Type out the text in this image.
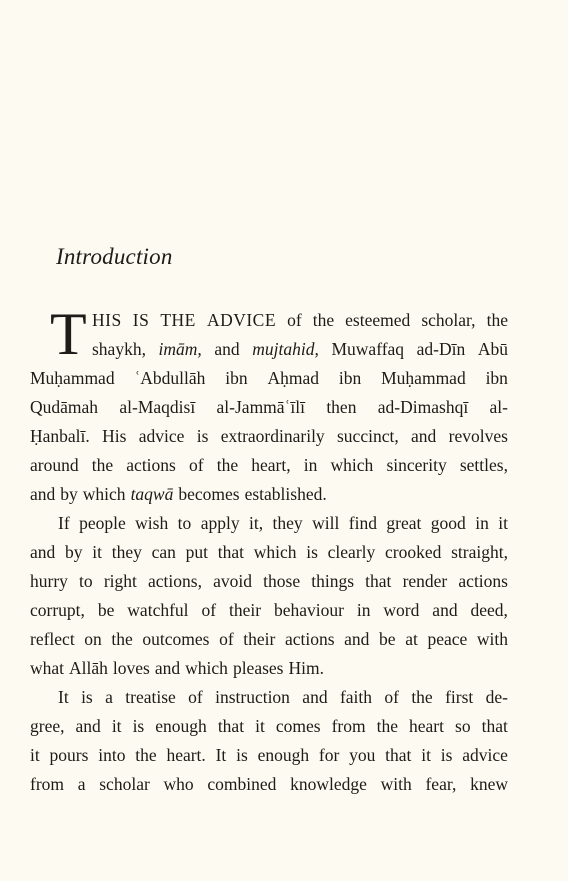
Introduction
T HIS IS THE ADVICE of the esteemed scholar, the
shaykh, imām, and mujtahid, Muwaffaq ad-Dīn Abū
Muḥammad ʿAbdullāh ibn Aḥmad ibn Muḥammad ibn
Qudāmah al-Maqdisī al-Jammāʿīlī then ad-Dimashqī al-
Ḥanbalī. His advice is extraordinarily succinct, and revolves
around the actions of the heart, in which sincerity settles,
and by which taqwā becomes established.
If people wish to apply it, they will find great good in it
and by it they can put that which is clearly crooked straight,
hurry to right actions, avoid those things that render actions
corrupt, be watchful of their behaviour in word and deed,
reflect on the outcomes of their actions and be at peace with
what Allāh loves and which pleases Him.
It is a treatise of instruction and faith of the first de-
gree, and it is enough that it comes from the heart so that
it pours into the heart. It is enough for you that it is advice
from a scholar who combined knowledge with fear, knew
